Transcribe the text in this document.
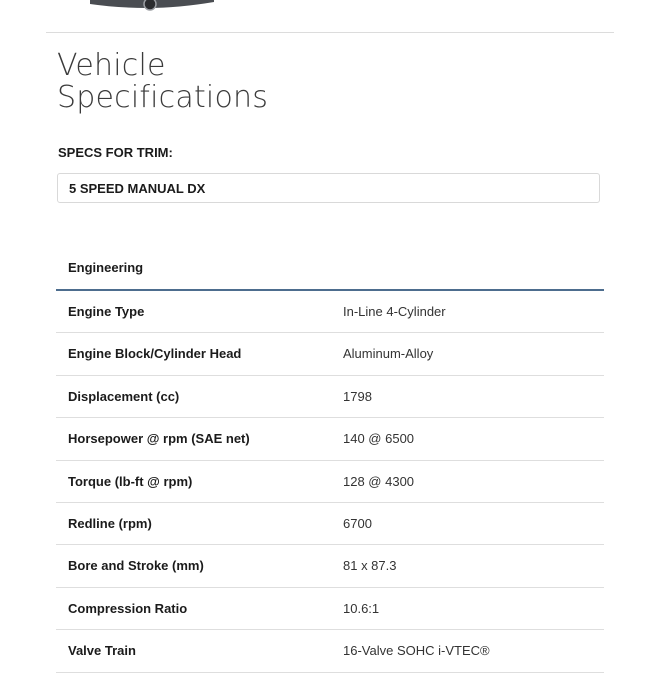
Vehicle
Specifications
SPECS FOR TRIM:
5 SPEED MANUAL DX
Engineering
Engine Type	In-Line 4-Cylinder
Engine Block/Cylinder Head	Aluminum-Alloy
Displacement (cc)	1798
Horsepower @ rpm (SAE net)	140 @ 6500
Torque (lb-ft @ rpm)	128 @ 4300
Redline (rpm)	6700
Bore and Stroke (mm)	81 x 87.3
Compression Ratio	10.6:1
Valve Train	16-Valve SOHC i-VTEC®
